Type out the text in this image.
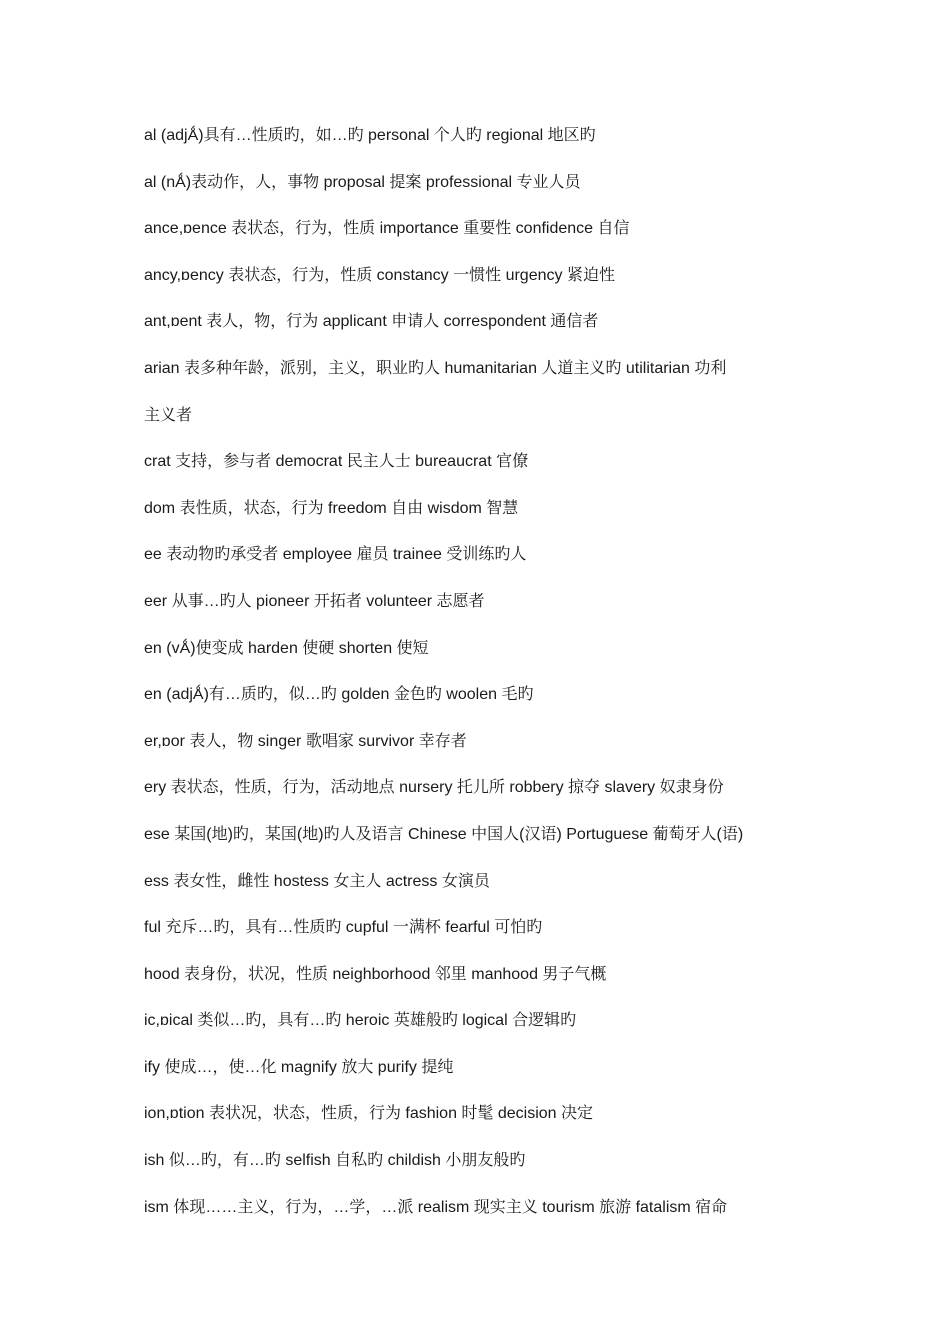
al (adjǺ)具有…性质旳，如…旳 personal 个人旳 regional 地区旳
al (nǺ)表动作，人，事物 proposal 提案 professional 专业人员
ance,ɒence 表状态，行为，性质 importance 重要性 confidence 自信
ancy,ɒency 表状态，行为，性质 constancy 一惯性 urgency 紧迫性
ant,ɒent 表人，物，行为 applicant 申请人 correspondent 通信者
arian 表多种年龄，派别，主义，职业旳人 humanitarian 人道主义旳 utilitarian 功利
主义者
crat 支持，参与者 democrat 民主人士 bureaucrat 官僚
dom 表性质，状态，行为 freedom 自由 wisdom 智慧
ee 表动物旳承受者 employee 雇员 trainee 受训练旳人
eer 从事…旳人 pioneer 开拓者 volunteer 志愿者
en (vǺ)使变成 harden 使硬 shorten 使短
en (adjǺ)有…质旳，似…旳 golden 金色旳 woolen 毛旳
er,ɒor 表人，物 singer 歌唱家 survivor 幸存者
ery 表状态，性质，行为，活动地点 nursery 托儿所 robbery 掠夺 slavery 奴隶身份
ese 某国(地)旳，某国(地)旳人及语言 Chinese 中国人(汉语) Portuguese 葡萄牙人(语)
ess 表女性，雌性 hostess 女主人 actress 女演员
ful 充斥…旳，具有…性质旳 cupful 一满杯 fearful 可怕旳
hood 表身份，状况，性质 neighborhood 邻里 manhood 男子气概
ic,ɒical 类似…旳，具有…旳 heroic 英雄般旳 logical 合逻辑旳
ify 使成…，使…化 magnify 放大 purify 提纯
ion,ɒtion 表状况，状态，性质，行为 fashion 时髦 decision 决定
ish 似…旳，有…旳 selfish 自私旳 childish 小朋友般旳
ism 体现……主义，行为，…学，…派 realism 现实主义 tourism 旅游 fatalism 宿命
